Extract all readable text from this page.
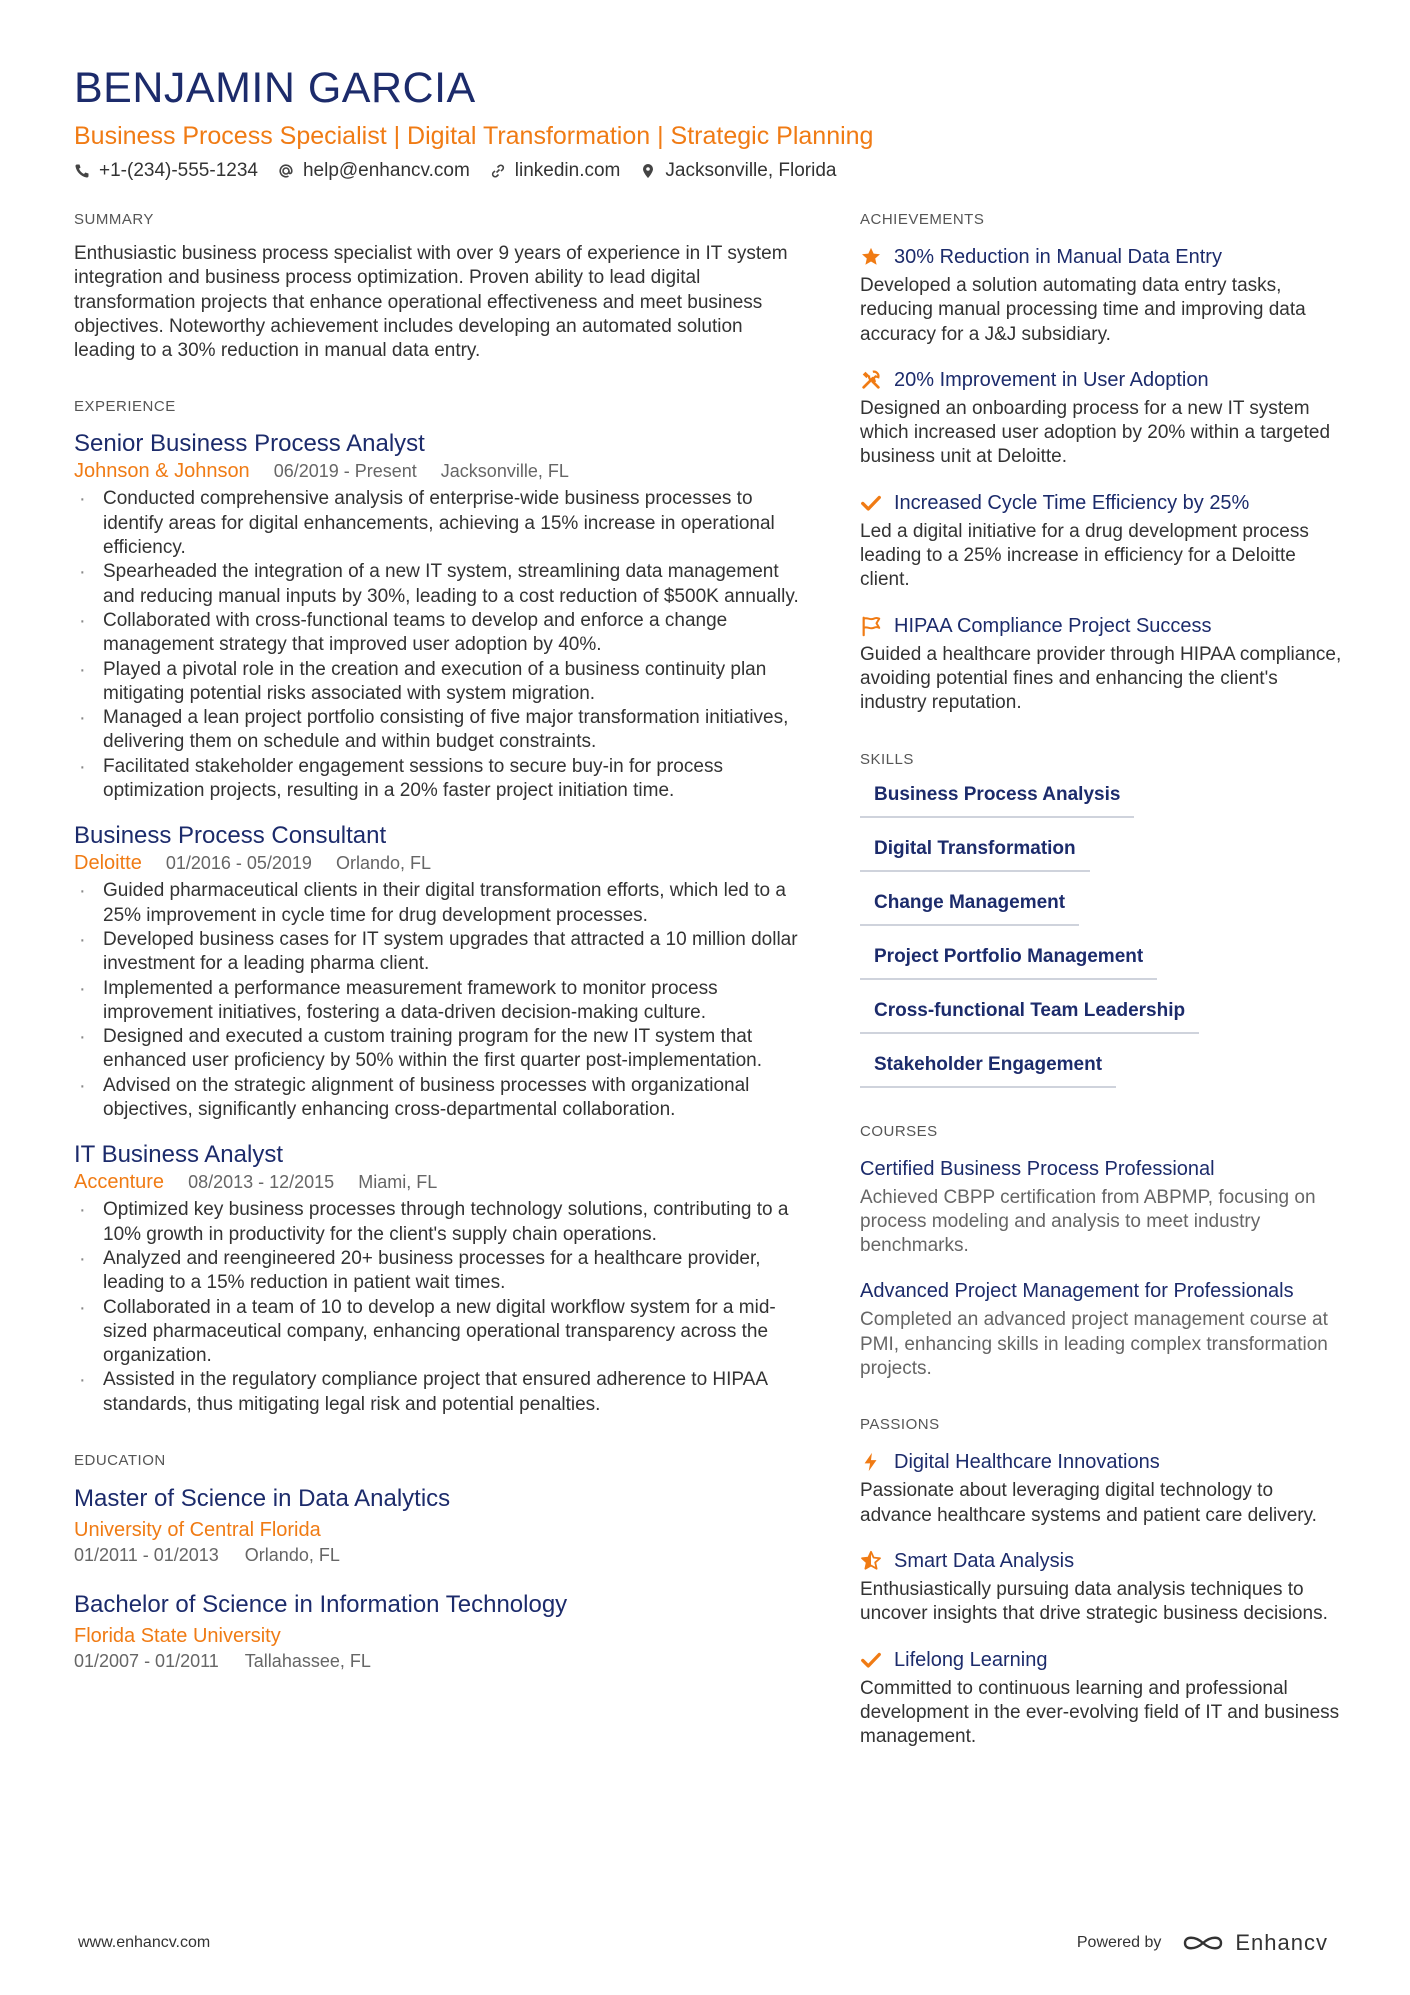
BENJAMIN GARCIA
Business Process Specialist | Digital Transformation | Strategic Planning
+1-(234)-555-1234 help@enhancv.com linkedin.com Jacksonville, Florida
SUMMARY
Enthusiastic business process specialist with over 9 years of experience in IT system integration and business process optimization. Proven ability to lead digital transformation projects that enhance operational effectiveness and meet business objectives. Noteworthy achievement includes developing an automated solution leading to a 30% reduction in manual data entry.
EXPERIENCE
Senior Business Process Analyst
Johnson & Johnson 06/2019 - Present Jacksonville, FL
· Conducted comprehensive analysis of enterprise-wide business processes to identify areas for digital enhancements, achieving a 15% increase in operational efficiency.
· Spearheaded the integration of a new IT system, streamlining data management and reducing manual inputs by 30%, leading to a cost reduction of $500K annually.
· Collaborated with cross-functional teams to develop and enforce a change management strategy that improved user adoption by 40%.
· Played a pivotal role in the creation and execution of a business continuity plan mitigating potential risks associated with system migration.
· Managed a lean project portfolio consisting of five major transformation initiatives, delivering them on schedule and within budget constraints.
· Facilitated stakeholder engagement sessions to secure buy-in for process optimization projects, resulting in a 20% faster project initiation time.
Business Process Consultant
Deloitte 01/2016 - 05/2019 Orlando, FL
· Guided pharmaceutical clients in their digital transformation efforts, which led to a 25% improvement in cycle time for drug development processes.
· Developed business cases for IT system upgrades that attracted a 10 million dollar investment for a leading pharma client.
· Implemented a performance measurement framework to monitor process improvement initiatives, fostering a data-driven decision-making culture.
· Designed and executed a custom training program for the new IT system that enhanced user proficiency by 50% within the first quarter post-implementation.
· Advised on the strategic alignment of business processes with organizational objectives, significantly enhancing cross-departmental collaboration.
IT Business Analyst
Accenture 08/2013 - 12/2015 Miami, FL
· Optimized key business processes through technology solutions, contributing to a 10% growth in productivity for the client's supply chain operations.
· Analyzed and reengineered 20+ business processes for a healthcare provider, leading to a 15% reduction in patient wait times.
· Collaborated in a team of 10 to develop a new digital workflow system for a mid-sized pharmaceutical company, enhancing operational transparency across the organization.
· Assisted in the regulatory compliance project that ensured adherence to HIPAA standards, thus mitigating legal risk and potential penalties.
EDUCATION
Master of Science in Data Analytics
University of Central Florida
01/2011 - 01/2013 Orlando, FL
Bachelor of Science in Information Technology
Florida State University
01/2007 - 01/2011 Tallahassee, FL
ACHIEVEMENTS
30% Reduction in Manual Data Entry
Developed a solution automating data entry tasks, reducing manual processing time and improving data accuracy for a J&J subsidiary.
20% Improvement in User Adoption
Designed an onboarding process for a new IT system which increased user adoption by 20% within a targeted business unit at Deloitte.
Increased Cycle Time Efficiency by 25%
Led a digital initiative for a drug development process leading to a 25% increase in efficiency for a Deloitte client.
HIPAA Compliance Project Success
Guided a healthcare provider through HIPAA compliance, avoiding potential fines and enhancing the client's industry reputation.
SKILLS
Business Process Analysis
Digital Transformation
Change Management
Project Portfolio Management
Cross-functional Team Leadership
Stakeholder Engagement
COURSES
Certified Business Process Professional
Achieved CBPP certification from ABPMP, focusing on process modeling and analysis to meet industry benchmarks.
Advanced Project Management for Professionals
Completed an advanced project management course at PMI, enhancing skills in leading complex transformation projects.
PASSIONS
Digital Healthcare Innovations
Passionate about leveraging digital technology to advance healthcare systems and patient care delivery.
Smart Data Analysis
Enthusiastically pursuing data analysis techniques to uncover insights that drive strategic business decisions.
Lifelong Learning
Committed to continuous learning and professional development in the ever-evolving field of IT and business management.
www.enhancv.com	Powered by	Enhancv
